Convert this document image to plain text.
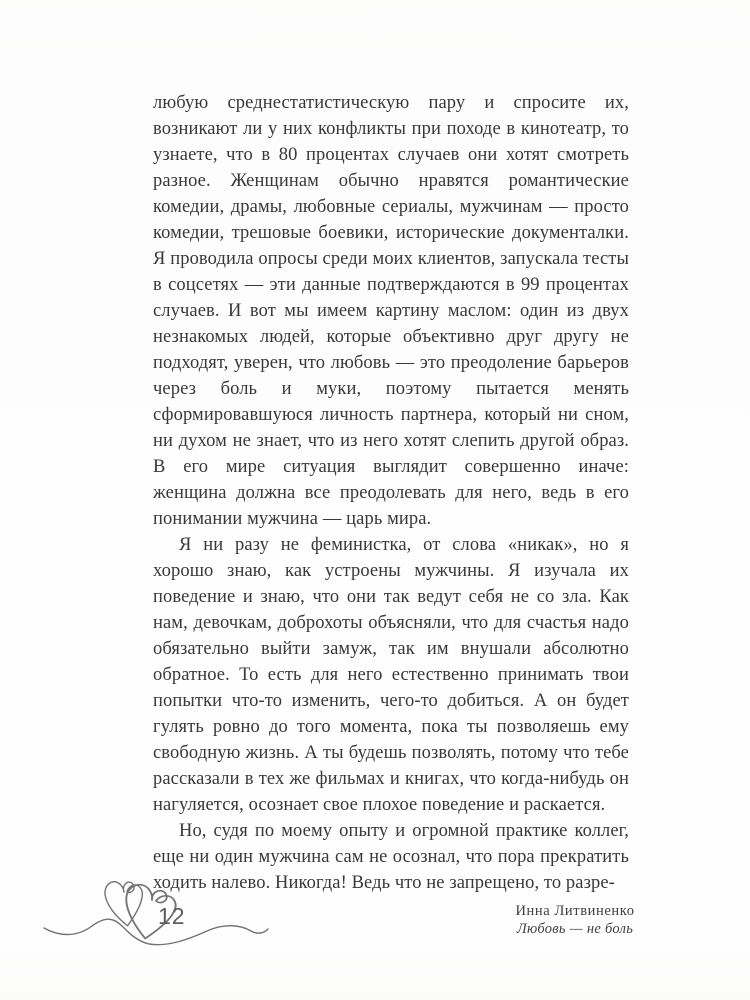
любую среднестатистическую пару и спросите их, возникают ли у них конфликты при походе в кинотеатр, то узнаете, что в 80 процентах случаев они хотят смотреть разное. Женщинам обычно нравятся романтические комедии, драмы, любовные сериалы, мужчинам — просто комедии, трешовые боевики, исторические документалки. Я проводила опросы среди моих клиентов, запускала тесты в соцсетях — эти данные подтверждаются в 99 процентах случаев. И вот мы имеем картину маслом: один из двух незнакомых людей, которые объективно друг другу не подходят, уверен, что любовь — это преодоление барьеров через боль и муки, поэтому пытается менять сформировавшуюся личность партнера, который ни сном, ни духом не знает, что из него хотят слепить другой образ. В его мире ситуация выглядит совершенно иначе: женщина должна все преодолевать для него, ведь в его понимании мужчина — царь мира.

Я ни разу не феминистка, от слова «никак», но я хорошо знаю, как устроены мужчины. Я изучала их поведение и знаю, что они так ведут себя не со зла. Как нам, девочкам, доброхоты объясняли, что для счастья надо обязательно выйти замуж, так им внушали абсолютно обратное. То есть для него естественно принимать твои попытки что-то изменить, чего-то добиться. А он будет гулять ровно до того момента, пока ты позволяешь ему свободную жизнь. А ты будешь позволять, потому что тебе рассказали в тех же фильмах и книгах, что когда-нибудь он нагуляется, осознает свое плохое поведение и раскается.

Но, судя по моему опыту и огромной практике коллег, еще ни один мужчина сам не осознал, что пора прекратить ходить налево. Никогда! Ведь что не запрещено, то разре-

12	Инна Литвиненко
Любовь — не боль
